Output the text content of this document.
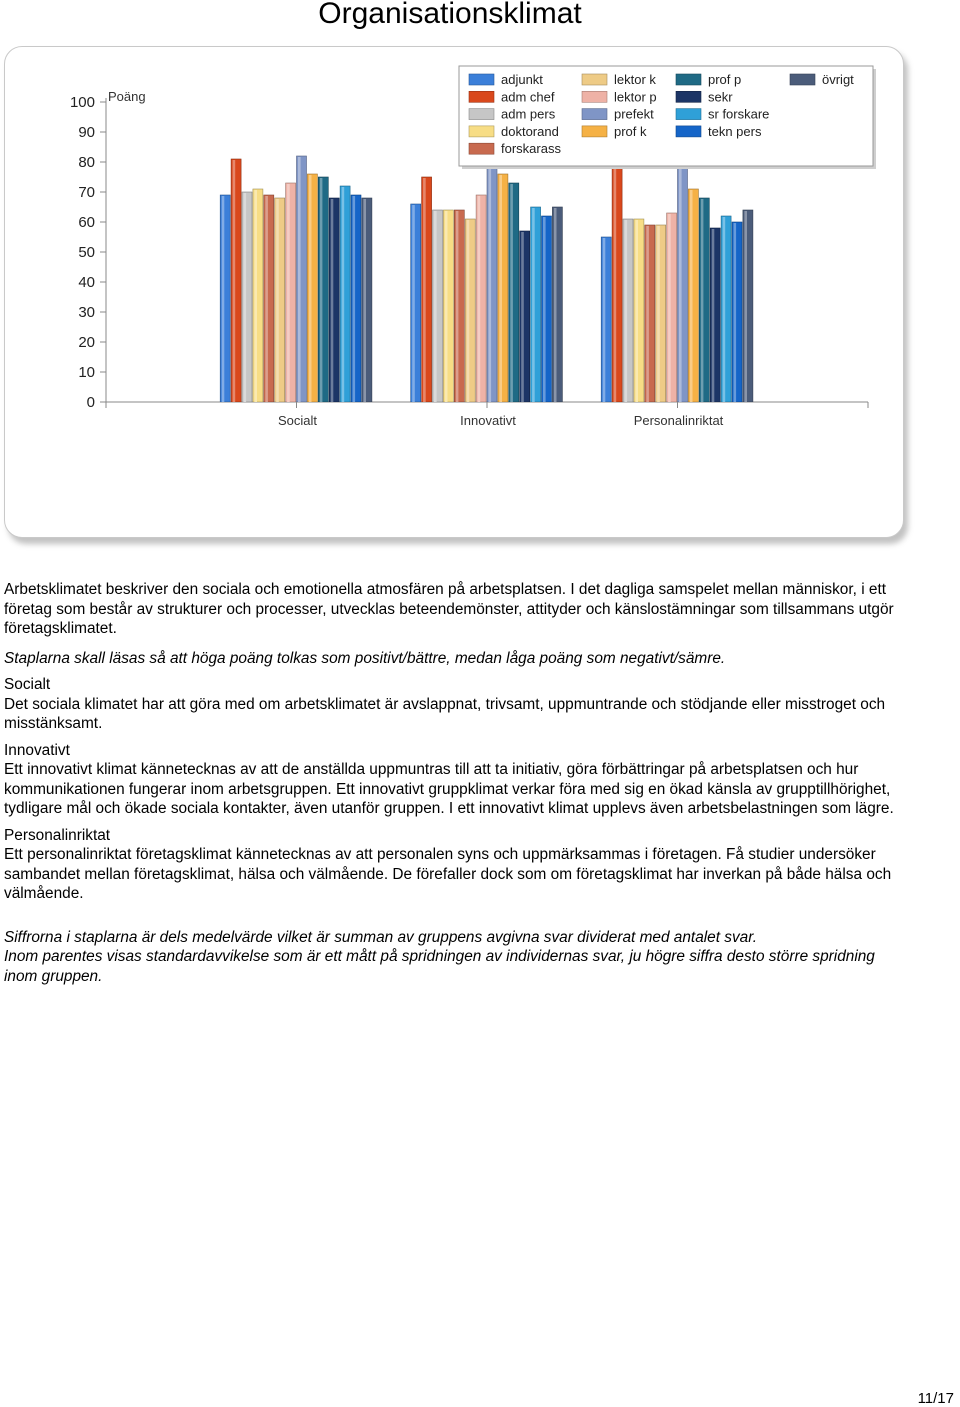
Organisationsklimat
0
10
20
30
40
50
60
70
80
90
100 Poäng
Socialt	Innovativt	Personalinriktat
adjunkt
adm chef
adm pers
doktorand
forskarass
lektor k
lektor p
prefekt
prof k
prof p
sekr
sr forskare
tekn pers
övrigt

Arbetsklimatet beskriver den sociala och emotionella atmosfären på arbetsplatsen. I det dagliga samspelet mellan människor, i ett företag som består av strukturer och processer, utvecklas beteendemönster, attityder och känslostämningar som tillsammans utgör företagsklimatet.

Staplarna skall läsas så att höga poäng tolkas som positivt/bättre, medan låga poäng som negativt/sämre.

Socialt

Det sociala klimatet har att göra med om arbetsklimatet är avslappnat, trivsamt, uppmuntrande och stödjande eller misstroget och misstänksamt.

Innovativt

Ett innovativt klimat kännetecknas av att de anställda uppmuntras till att ta initiativ, göra förbättringar på arbetsplatsen och hur kommunikationen fungerar inom arbetsgruppen. Ett innovativt gruppklimat verkar föra med sig en ökad känsla av grupptillhörighet, tydligare mål och ökade sociala kontakter, även utanför gruppen. I ett innovativt klimat upplevs även arbetsbelastningen som lägre.

Personalinriktat

Ett personalinriktat företagsklimat kännetecknas av att personalen syns och uppmärksammas i företagen. Få studier undersöker sambandet mellan företagsklimat, hälsa och välmående. De förefaller dock som om företagsklimat har inverkan på både hälsa och välmående.

Siffrorna i staplarna är dels medelvärde vilket är summan av gruppens avgivna svar dividerat med antalet svar.

Inom parentes visas standardavvikelse som är ett mått på spridningen av individernas svar, ju högre siffra desto större spridning inom gruppen.

11/17
